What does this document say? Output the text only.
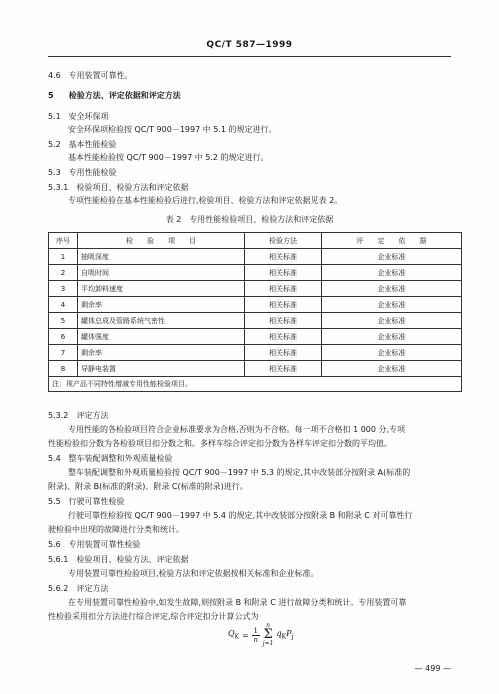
QC/T 587—1999
4.6 专用装置可靠性。
5 检验方法、评定依据和评定方法
5.1 安全环保项
安全环保项检验按 QC/T 900－1997 中 5.1 的规定进行。
5.2 基本性能检验
基本性能检验按 QC/T 900－1997 中 5.2 的规定进行。
5.3 专用性能检验
5.3.1 检验项目、检验方法和评定依据
专项性能检验在基本性能检验后进行,检验项目、检验方法和评定依据见表 2。
表 2　专用性能检验项目、检验方法和评定依据
序号	检　　验　　项　　目	检验方法	评　　定　　依　　据
1	抽吸深度	相关标准	企业标准
2	自吸时间	相关标准	企业标准
3	平均卸料速度	相关标准	企业标准
4	剩余率	相关标准	企业标准
5	罐体总成及管路系统气密性	相关标准	企业标准
6	罐体强度	相关标准	企业标准
7	剩余率	相关标准	企业标准
8	导静电装置	相关标准	企业标准
注：视产品不同特性增减专用性能检验项目。			
5.3.2 评定方法
专用性能的各检验项目符合企业标准要求为合格,否则为不合格。每一项不合格扣 1 000 分,专项
性能检验扣分数为各检验项目扣分数之和。多样车综合评定扣分数为各样车评定扣分数的平均值。
5.4 整车装配调整和外观质量检验
整车装配调整和外观质量检验按 QC/T 900－1997 中 5.3 的规定,其中改装部分按附录 A(标准的
附录)、附录 B(标准的附录)、附录 C(标准的附录)进行。
5.5 行驶可靠性检验
行驶可靠性检验按 QC/T 900－1997 中 5.4 的规定,其中改装部分按附录 B 和附录 C 对可靠性行
驶检验中出现的故障进行分类和统计。
5.6 专用装置可靠性检验
5.6.1 检验项目、检验方法、评定依据
专用装置可靠性检验项目,检验方法和评定依据按相关标准和企业标准。
5.6.2 评定方法
在专用装置可靠性检验中,如发生故障,则按附录 B 和附录 C 进行故障分类和统计。专用装置可靠
性检验采用扣分方法进行综合评定,综合评定扣分计算公式为
$Q_K = \frac{1}{n}$
n
Σ
j=1
$q_KP_j$
— 499 —
